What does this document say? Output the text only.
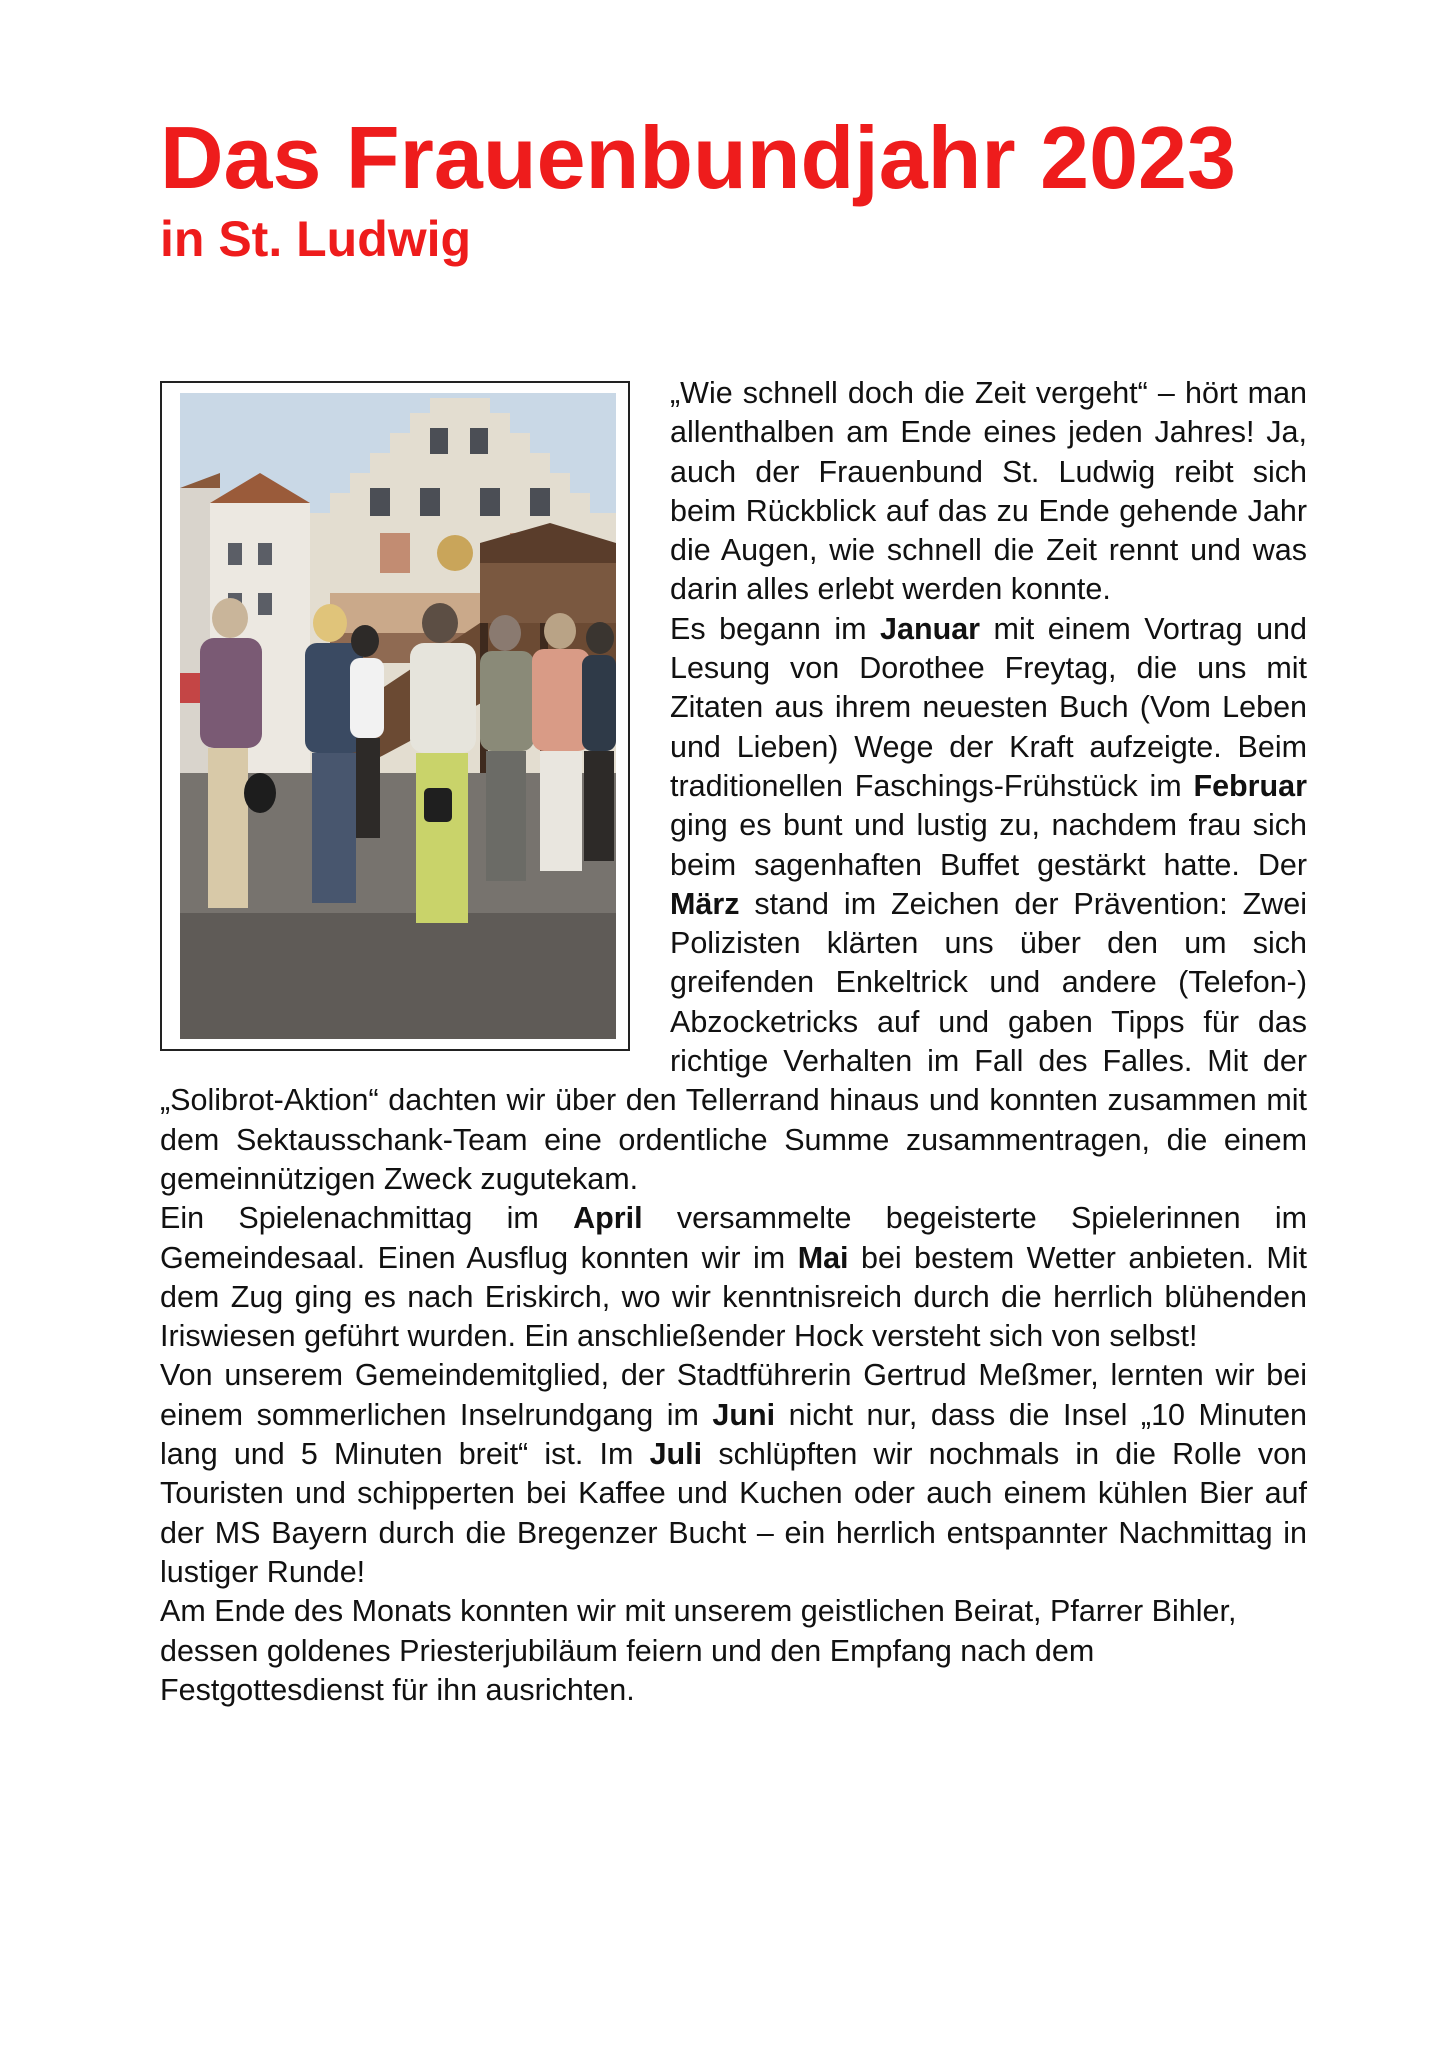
Das Frauenbundjahr 2023
in St. Ludwig

„Wie schnell doch die Zeit vergeht“ – hört man allenthalben am Ende eines jeden Jahres! Ja, auch der Frauenbund St. Ludwig reibt sich beim Rückblick auf das zu Ende gehende Jahr die Augen, wie schnell die Zeit rennt und was darin alles erlebt werden konnte.

Es begann im Januar mit einem Vortrag und Lesung von Dorothee Freytag, die uns mit Zitaten aus ihrem neuesten Buch (Vom Leben und Lieben) Wege der Kraft aufzeigte. Beim traditionellen Faschings-Frühstück im Februar ging es bunt und lustig zu, nachdem frau sich beim sagenhaften Buffet gestärkt hatte. Der März stand im Zeichen der Prävention: Zwei Polizisten klärten uns über den um sich greifenden Enkeltrick und andere (Telefon-) Abzocketricks auf und gaben Tipps für das richtige Verhalten im Fall des Falles. Mit der „Solibrot-Aktion“ dachten wir über den Tellerrand hinaus und konnten zusammen mit dem Sektausschank-Team eine ordentliche Summe zusammentragen, die einem gemeinnützigen Zweck zugutekam.

Ein Spielenachmittag im April versammelte begeisterte Spielerinnen im Gemeindesaal. Einen Ausflug konnten wir im Mai bei bestem Wetter anbieten. Mit dem Zug ging es nach Eriskirch, wo wir kenntnisreich durch die herrlich blühenden Iriswiesen geführt wurden. Ein anschließender Hock versteht sich von selbst!

Von unserem Gemeindemitglied, der Stadtführerin Gertrud Meßmer, lernten wir bei einem sommerlichen Inselrundgang im Juni nicht nur, dass die Insel „10 Minuten lang und 5 Minuten breit“ ist. Im Juli schlüpften wir nochmals in die Rolle von Touristen und schipperten bei Kaffee und Kuchen oder auch einem kühlen Bier auf der MS Bayern durch die Bregenzer Bucht – ein herrlich entspannter Nachmittag in lustiger Runde!

Am Ende des Monats konnten wir mit unserem geistlichen Beirat, Pfarrer Bihler, dessen goldenes Priesterjubiläum feiern und den Empfang nach dem Festgottesdienst für ihn ausrichten.
